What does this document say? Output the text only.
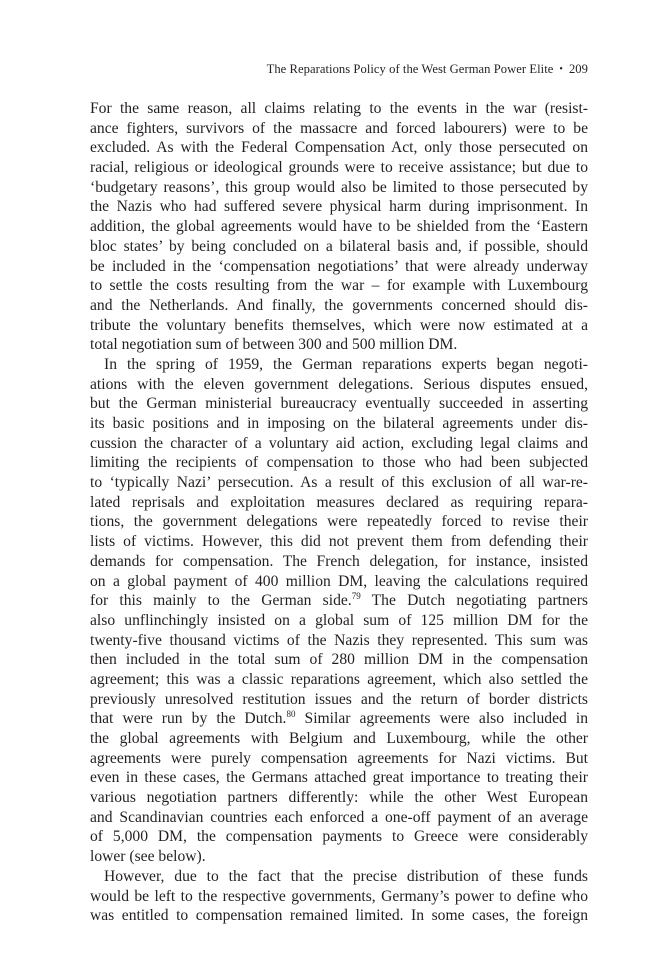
The Reparations Policy of the West German Power Elite • 209
For the same reason, all claims relating to the events in the war (resist-
ance fighters, survivors of the massacre and forced labourers) were to be
excluded. As with the Federal Compensation Act, only those persecuted on
racial, religious or ideological grounds were to receive assistance; but due to
‘budgetary reasons’, this group would also be limited to those persecuted by
the Nazis who had suffered severe physical harm during imprisonment. In
addition, the global agreements would have to be shielded from the ‘Eastern
bloc states’ by being concluded on a bilateral basis and, if possible, should
be included in the ‘compensation negotiations’ that were already underway
to settle the costs resulting from the war – for example with Luxembourg
and the Netherlands. And finally, the governments concerned should dis-
tribute the voluntary benefits themselves, which were now estimated at a
total negotiation sum of between 300 and 500 million DM.
In the spring of 1959, the German reparations experts began negoti-
ations with the eleven government delegations. Serious disputes ensued,
but the German ministerial bureaucracy eventually succeeded in asserting
its basic positions and in imposing on the bilateral agreements under dis-
cussion the character of a voluntary aid action, excluding legal claims and
limiting the recipients of compensation to those who had been subjected
to ‘typically Nazi’ persecution. As a result of this exclusion of all war-re-
lated reprisals and exploitation measures declared as requiring repara-
tions, the government delegations were repeatedly forced to revise their
lists of victims. However, this did not prevent them from defending their
demands for compensation. The French delegation, for instance, insisted
on a global payment of 400 million DM, leaving the calculations required
for this mainly to the German side.$^{79}$ The Dutch negotiating partners
also unflinchingly insisted on a global sum of 125 million DM for the
twenty-five thousand victims of the Nazis they represented. This sum was
then included in the total sum of 280 million DM in the compensation
agreement; this was a classic reparations agreement, which also settled the
previously unresolved restitution issues and the return of border districts
that were run by the Dutch.$^{80}$ Similar agreements were also included in
the global agreements with Belgium and Luxembourg, while the other
agreements were purely compensation agreements for Nazi victims. But
even in these cases, the Germans attached great importance to treating their
various negotiation partners differently: while the other West European
and Scandinavian countries each enforced a one-off payment of an average
of 5,000 DM, the compensation payments to Greece were considerably
lower (see below).
However, due to the fact that the precise distribution of these funds
would be left to the respective governments, Germany’s power to define who
was entitled to compensation remained limited. In some cases, the foreign
